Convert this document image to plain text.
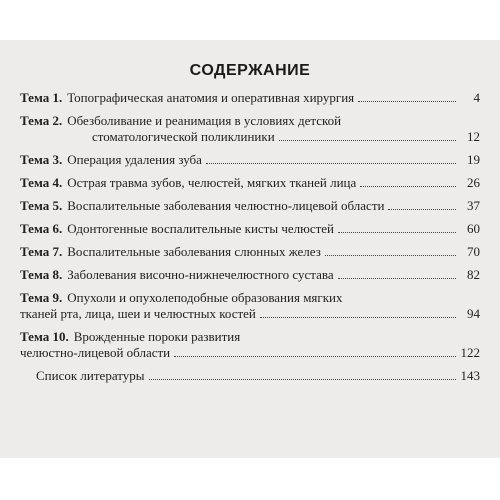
СОДЕРЖАНИЕ
Тема 1. Топографическая анатомия и оперативная хирургия	4
Тема 2. Обезболивание и реанимация в условиях детской
стоматологической поликлиники	12
Тема 3. Операция удаления зуба	19
Тема 4. Острая травма зубов, челюстей, мягких тканей лица	26
Тема 5. Воспалительные заболевания челюстно-лицевой области	37
Тема 6. Одонтогенные воспалительные кисты челюстей	60
Тема 7. Воспалительные заболевания слюнных желез	70
Тема 8. Заболевания височно-нижнечелюстного сустава	82
Тема 9. Опухоли и опухолеподобные образования мягких
тканей рта, лица, шеи и челюстных костей	94
Тема 10. Врожденные пороки развития
челюстно-лицевой области	122
Список литературы	143
